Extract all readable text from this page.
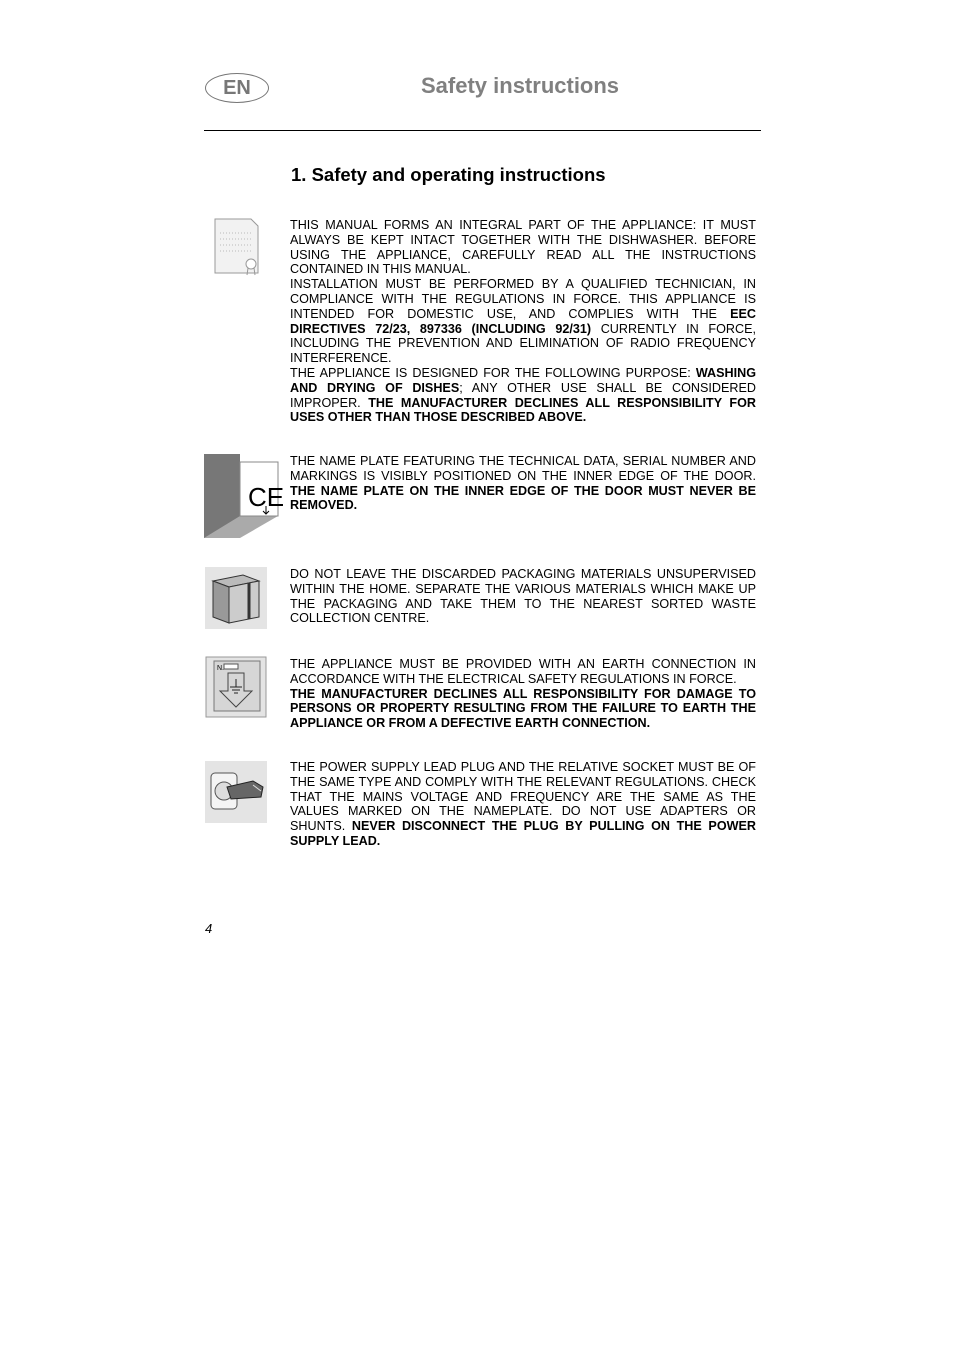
EN	Safety instructions
1. Safety and operating instructions
CE
N.

THIS MANUAL FORMS AN INTEGRAL PART OF THE APPLIANCE: IT MUST ALWAYS BE KEPT INTACT TOGETHER WITH THE DISHWASHER. BEFORE USING THE APPLIANCE, CAREFULLY READ ALL THE INSTRUCTIONS CONTAINED IN THIS MANUAL.

INSTALLATION MUST BE PERFORMED BY A QUALIFIED TECHNICIAN, IN COMPLIANCE WITH THE REGULATIONS IN FORCE. THIS APPLIANCE IS INTENDED FOR DOMESTIC USE, AND COMPLIES WITH THE EEC DIRECTIVES 72/23, 897336 (INCLUDING 92/31) CURRENTLY IN FORCE, INCLUDING THE PREVENTION AND ELIMINATION OF RADIO FREQUENCY INTERFERENCE.

THE APPLIANCE IS DESIGNED FOR THE FOLLOWING PURPOSE: WASHING AND DRYING OF DISHES; ANY OTHER USE SHALL BE CONSIDERED IMPROPER. THE MANUFACTURER DECLINES ALL RESPONSIBILITY FOR USES OTHER THAN THOSE DESCRIBED ABOVE.

THE NAME PLATE FEATURING THE TECHNICAL DATA, SERIAL NUMBER AND MARKINGS IS VISIBLY POSITIONED ON THE INNER EDGE OF THE DOOR. THE NAME PLATE ON THE INNER EDGE OF THE DOOR MUST NEVER BE REMOVED.

DO NOT LEAVE THE DISCARDED PACKAGING MATERIALS UNSUPERVISED WITHIN THE HOME. SEPARATE THE VARIOUS MATERIALS WHICH MAKE UP THE PACKAGING AND TAKE THEM TO THE NEAREST SORTED WASTE COLLECTION CENTRE.

THE APPLIANCE MUST BE PROVIDED WITH AN EARTH CONNECTION IN ACCORDANCE WITH THE ELECTRICAL SAFETY REGULATIONS IN FORCE.

THE MANUFACTURER DECLINES ALL RESPONSIBILITY FOR DAMAGE TO PERSONS OR PROPERTY RESULTING FROM THE FAILURE TO EARTH THE APPLIANCE OR FROM A DEFECTIVE EARTH CONNECTION.

THE POWER SUPPLY LEAD PLUG AND THE RELATIVE SOCKET MUST BE OF THE SAME TYPE AND COMPLY WITH THE RELEVANT REGULATIONS. CHECK THAT THE MAINS VOLTAGE AND FREQUENCY ARE THE SAME AS THE VALUES MARKED ON THE NAMEPLATE. DO NOT USE ADAPTERS OR SHUNTS. NEVER DISCONNECT THE PLUG BY PULLING ON THE POWER SUPPLY LEAD.

4
